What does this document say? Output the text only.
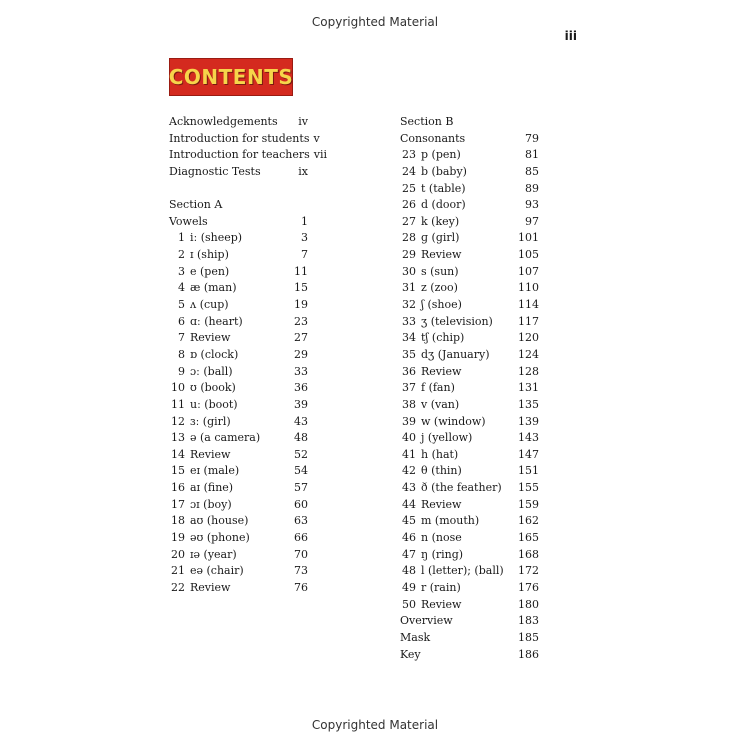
Copyrighted Material
iii
CONTENTS
Acknowledgements	iv
Introduction for students v
Introduction for teachers vii
Diagnostic Tests	ix
Section A
Vowels	1
1 iː (sheep)	3
2 ɪ (ship)	7
3 e (pen)	11
4 æ (man)	15
5 ʌ (cup)	19
6 ɑː (heart)	23
7 Review	27
8 ɒ (clock)	29
9 ɔː (ball)	33
10 ʊ (book)	36
11 uː (boot)	39
12 ɜː (girl)	43
13 ə (a camera)	48
14 Review	52
15 eɪ (male)	54
16 aɪ (fine)	57
17 ɔɪ (boy)	60
18 aʊ (house)	63
19 əʊ (phone)	66
20 ɪə (year)	70
21 eə (chair)	73
22 Review	76
Section B
Consonants	79
23 p (pen)	81
24 b (baby)	85
25 t (table)	89
26 d (door)	93
27 k (key)	97
28 ɡ (girl)	101
29 Review	105
30 s (sun)	107
31 z (zoo)	110
32 ʃ (shoe)	114
33 ʒ (television)	117
34 tʃ (chip)	120
35 dʒ (January)	124
36 Review	128
37 f (fan)	131
38 v (van)	135
39 w (window)	139
40 j (yellow)	143
41 h (hat)	147
42 θ (thin)	151
43 ð (the feather)	155
44 Review	159
45 m (mouth)	162
46 n (nose	165
47 ŋ (ring)	168
48 l (letter); (ball)	172
49 r (rain)	176
50 Review	180
Overview	183
Mask	185
Key	186
Copyrighted Material
